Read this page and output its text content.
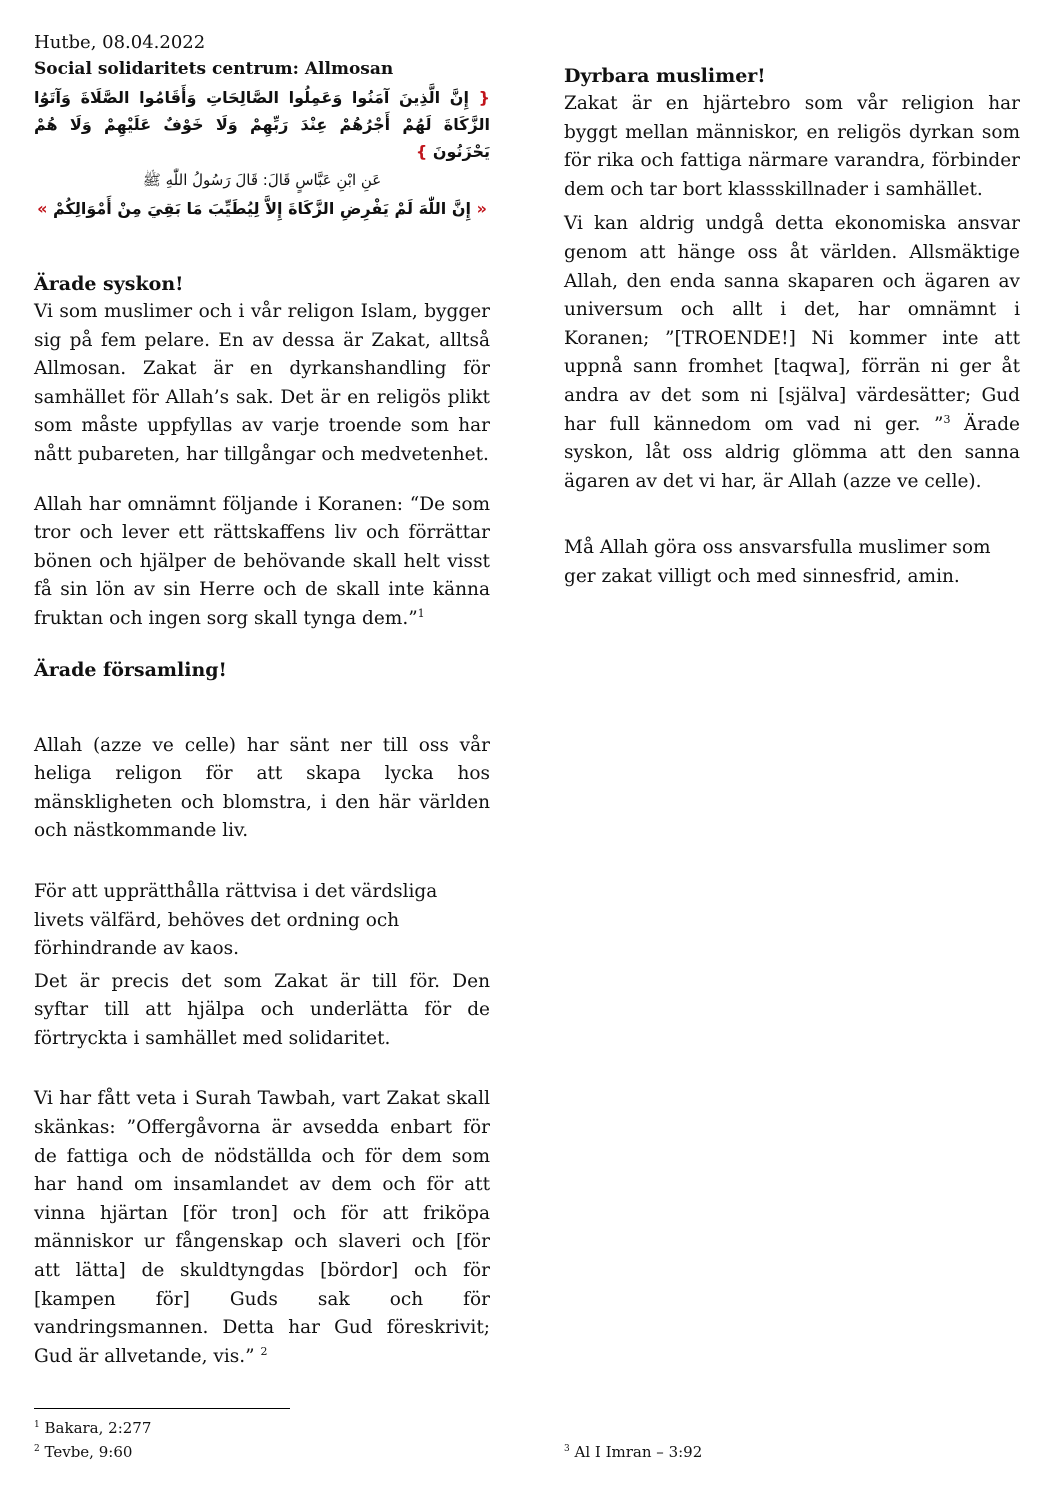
Hutbe, 08.04.2022

Social solidaritets centrum: Allmosan

{ إِنَّ الَّذِينَ آمَنُوا وَعَمِلُوا الصَّالِحَاتِ وَأَقَامُوا الصَّلَاةَ وَآتَوُا الزَّكَاةَ لَهُمْ أَجْرُهُمْ عِنْدَ رَبِّهِمْ وَلَا خَوْفٌ عَلَيْهِمْ وَلَا هُمْ يَحْزَنُونَ }

عَنِ ابْنِ عَبَّاسٍ قَالَ: قَالَ رَسُولُ اللّٰهِ ﷺ

« إِنَّ اللّٰهَ لَمْ يَفْرِضِ الزَّكَاةَ إِلاَّ لِيُطَيِّبَ مَا بَقِيَ مِنْ أَمْوَالِكُمْ »

Ärade syskon!

Vi som muslimer och i vår religon Islam, bygger sig på fem pelare. En av dessa är Zakat, alltså Allmosan. Zakat är en dyrkanshandling för samhället för Allah’s sak. Det är en religös plikt som måste uppfyllas av varje troende som har nått pubareten, har tillgångar och medvetenhet.

Allah har omnämnt följande i Koranen: “De som tror och lever ett rättskaffens liv och förrättar bönen och hjälper de behövande skall helt visst få sin lön av sin Herre och de skall inte känna fruktan och ingen sorg skall tynga dem.”$^1$

Ärade församling!

Allah (azze ve celle) har sänt ner till oss vår heliga religon för att skapa lycka hos mänskligheten och blomstra, i den här världen och nästkommande liv.

För att upprätthålla rättvisa i det värdsliga livets välfärd, behöves det ordning och förhindrande av kaos.

Det är precis det som Zakat är till för. Den syftar till att hjälpa och underlätta för de förtryckta i samhället med solidaritet.

Vi har fått veta i Surah Tawbah, vart Zakat skall skänkas: ”Offergåvorna är avsedda enbart för de fattiga och de nödställda och för dem som har hand om insamlandet av dem och för att vinna hjärtan [för tron] och för att friköpa människor ur fångenskap och slaveri och [för att lätta] de skuldtyngdas [bördor] och för [kampen för] Guds sak och för vandringsmannen. Detta har Gud föreskrivit; Gud är allvetande, vis.” $^2$

Dyrbara muslimer!

Zakat är en hjärtebro som vår religion har byggt mellan människor, en religös dyrkan som för rika och fattiga närmare varandra, förbinder dem och tar bort klassskillnader i samhället.

Vi kan aldrig undgå detta ekonomiska ansvar genom att hänge oss åt världen. Allsmäktige Allah, den enda sanna skaparen och ägaren av universum och allt i det, har omnämnt i Koranen; ”[TROENDE!] Ni kommer inte att uppnå sann fromhet [taqwa], förrän ni ger åt andra av det som ni [själva] värdesätter; Gud har full kännedom om vad ni ger. ”$^3$ Ärade syskon, låt oss aldrig glömma att den sanna ägaren av det vi har, är Allah (azze ve celle).

Må Allah göra oss ansvarsfulla muslimer som ger zakat villigt och med sinnesfrid, amin.

$^1$ Bakara, 2:277

$^2$ Tevbe, 9:60	$^3$ Al I Imran – 3:92
